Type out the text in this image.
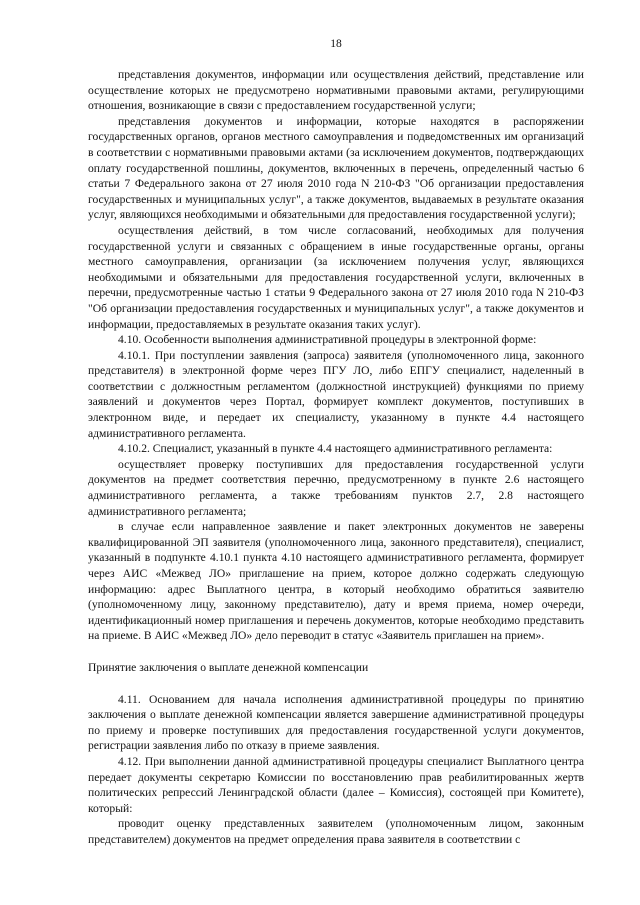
18

представления документов, информации или осуществления действий, представление или осуществление которых не предусмотрено нормативными правовыми актами, регулирующими отношения, возникающие в связи с предоставлением государственной услуги;

представления документов и информации, которые находятся в распоряжении государственных органов, органов местного самоуправления и подведомственных им организаций в соответствии с нормативными правовыми актами (за исключением документов, подтверждающих оплату государственной пошлины, документов, включенных в перечень, определенный частью 6 статьи 7 Федерального закона от 27 июля 2010 года N 210-ФЗ "Об организации предоставления государственных и муниципальных услуг", а также документов, выдаваемых в результате оказания услуг, являющихся необходимыми и обязательными для предоставления государственной услуги);

осуществления действий, в том числе согласований, необходимых для получения государственной услуги и связанных с обращением в иные государственные органы, органы местного самоуправления, организации (за исключением получения услуг, являющихся необходимыми и обязательными для предоставления государственной услуги, включенных в перечни, предусмотренные частью 1 статьи 9 Федерального закона от 27 июля 2010 года N 210-ФЗ "Об организации предоставления государственных и муниципальных услуг", а также документов и информации, предоставляемых в результате оказания таких услуг).

4.10. Особенности выполнения административной процедуры в электронной форме:

4.10.1. При поступлении заявления (запроса) заявителя (уполномоченного лица, законного представителя) в электронной форме через ПГУ ЛО, либо ЕПГУ специалист, наделенный в соответствии с должностным регламентом (должностной инструкцией) функциями по приему заявлений и документов через Портал, формирует комплект документов, поступивших в электронном виде, и передает их специалисту, указанному в пункте 4.4 настоящего административного регламента.

4.10.2. Специалист, указанный в пункте 4.4 настоящего административного регламента:

осуществляет проверку поступивших для предоставления государственной услуги документов на предмет соответствия перечню, предусмотренному в пункте 2.6 настоящего административного регламента, а также требованиям пунктов 2.7, 2.8 настоящего административного регламента;

в случае если направленное заявление и пакет электронных документов не заверены квалифицированной ЭП заявителя (уполномоченного лица, законного представителя), специалист, указанный в подпункте 4.10.1 пункта 4.10 настоящего административного регламента, формирует через АИС «Межвед ЛО» приглашение на прием, которое должно содержать следующую информацию: адрес Выплатного центра, в который необходимо обратиться заявителю (уполномоченному лицу, законному представителю), дату и время приема, номер очереди, идентификационный номер приглашения и перечень документов, которые необходимо представить на приеме. В АИС «Межвед ЛО» дело переводит в статус «Заявитель приглашен на прием».

Принятие заключения о выплате денежной компенсации

4.11. Основанием для начала исполнения административной процедуры по принятию заключения о выплате денежной компенсации является завершение административной процедуры по приему и проверке поступивших для предоставления государственной услуги документов, регистрации заявления либо по отказу в приеме заявления.

4.12. При выполнении данной административной процедуры специалист Выплатного центра передает документы секретарю Комиссии по восстановлению прав реабилитированных жертв политических репрессий Ленинградской области (далее – Комиссия), состоящей при Комитете), который:

проводит оценку представленных заявителем (уполномоченным лицом, законным представителем) документов на предмет определения права заявителя в соответствии с
